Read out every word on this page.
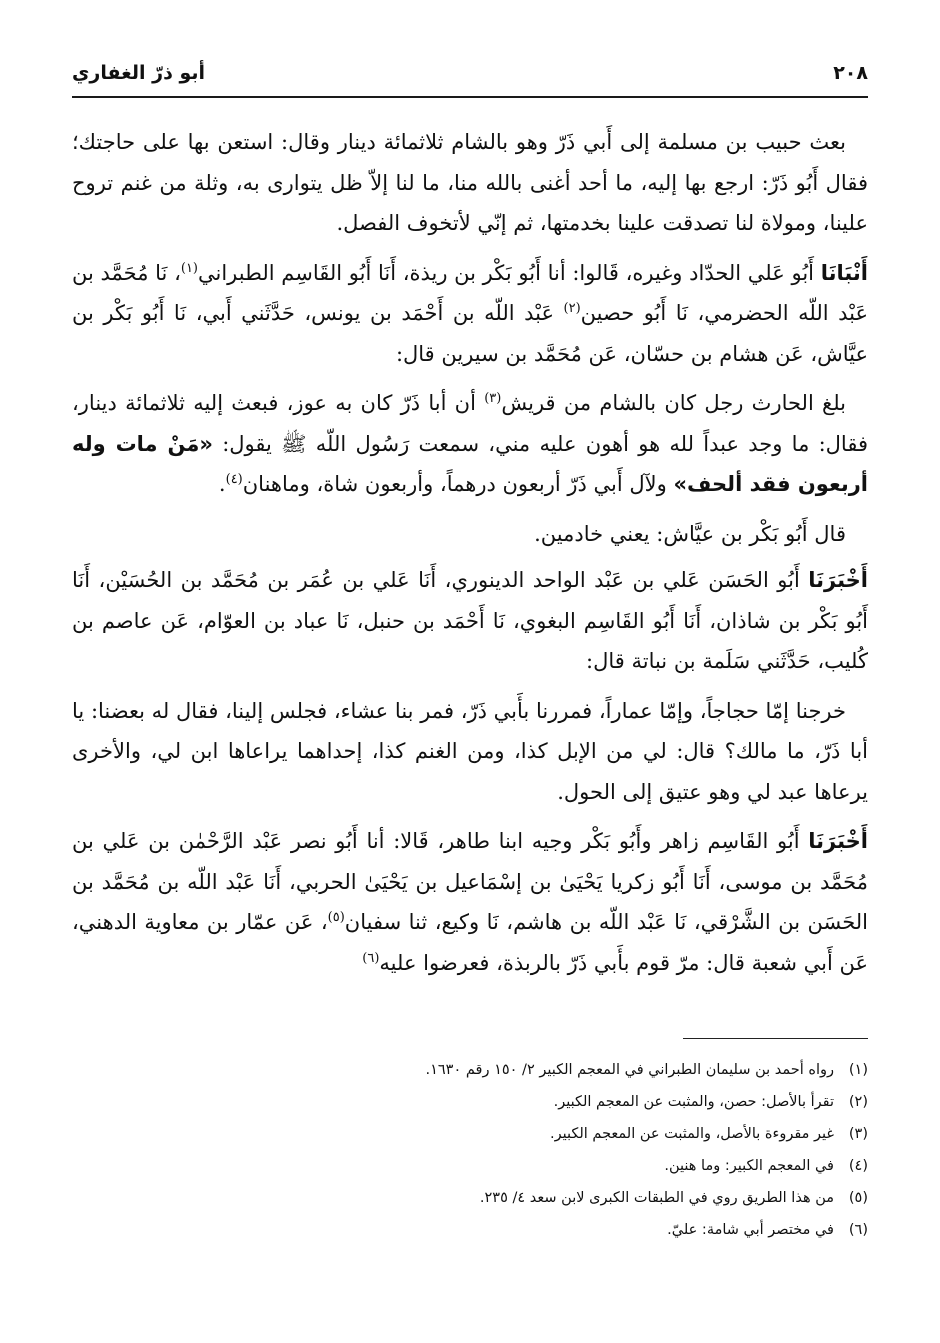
٢٠٨
أبو ذرّ الغفاري

بعث حبيب بن مسلمة إلى أَبي ذَرّ وهو بالشام ثلاثمائة دينار وقال: استعن بها على حاجتك؛ فقال أَبُو ذَرّ: ارجع بها إليه، ما أحد أغنى بالله منا، ما لنا إلاّ ظل يتوارى به، وثلة من غنم تروح علينا، ومولاة لنا تصدقت علينا بخدمتها، ثم إنّي لأتخوف الفصل.

أَنْبَانَا أَبُو عَلي الحدّاد وغيره، قَالوا: أنا أَبُو بَكْر بن ريذة، أَنَا أَبُو القَاسِم الطبراني$^{(١)}$، نَا مُحَمَّد بن عَبْد اللّه الحضرمي، نَا أَبُو حصين$^{(٢)}$ عَبْد اللّه بن أَحْمَد بن يونس، حَدَّثَني أَبي، نَا أَبُو بَكْر بن عيَّاش، عَن هشام بن حسّان، عَن مُحَمَّد بن سيرين قال:

بلغ الحارث رجل كان بالشام من قريش$^{(٣)}$ أن أبا ذَرّ كان به عوز، فبعث إليه ثلاثمائة دينار، فقال: ما وجد عبداً لله هو أهون عليه مني، سمعت رَسُول اللّه ﷺ يقول: «مَنْ مات وله أربعون فقد ألحف» ولآل أَبي ذَرّ أربعون درهماً، وأربعون شاة، وماهنان$^{(٤)}$.

قال أَبُو بَكْر بن عيَّاش: يعني خادمين.

أَخْبَرَنَا أَبُو الحَسَن عَلي بن عَبْد الواحد الدينوري، أَنَا عَلي بن عُمَر بن مُحَمَّد بن الحُسَيْن، أَنَا أَبُو بَكْر بن شاذان، أَنَا أَبُو القَاسِم البغوي، نَا أَحْمَد بن حنبل، نَا عباد بن العوّام، عَن عاصم بن كُليب، حَدَّثَني سَلَمة بن نباتة قال:

خرجنا إمّا حجاجاً، وإمّا عماراً، فمررنا بأَبي ذَرّ، فمر بنا عشاء، فجلس إلينا، فقال له بعضنا: يا أبا ذَرّ، ما مالك؟ قال: لي من الإبل كذا، ومن الغنم كذا، إحداهما يراعاها ابن لي، والأخرى يرعاها عبد لي وهو عتيق إلى الحول.

أَخْبَرَنَا أَبُو القَاسِم زاهر وأَبُو بَكْر وجيه ابنا طاهر، قَالا: أنا أَبُو نصر عَبْد الرَّحْمٰن بن عَلي بن مُحَمَّد بن موسى، أَنَا أَبُو زكريا يَحْيَىٰ بن إسْمَاعيل بن يَحْيَىٰ الحربي، أَنَا عَبْد اللّه بن مُحَمَّد بن الحَسَن بن الشَّرْقي، نَا عَبْد اللّه بن هاشم، نَا وكيع، ثنا سفيان$^{(٥)}$، عَن عمّار بن معاوية الدهني، عَن أَبي شعبة قال: مرّ قوم بأَبي ذَرّ بالربذة، فعرضوا عليه$^{(٦)}$

(١)رواه أحمد بن سليمان الطبراني في المعجم الكبير ٢/ ١٥٠ رقم ١٦٣٠.
(٢)تقرأ بالأصل: حصن، والمثبت عن المعجم الكبير.
(٣)غير مقروءة بالأصل، والمثبت عن المعجم الكبير.
(٤)في المعجم الكبير: وما هنين.
(٥)من هذا الطريق روي في الطبقات الكبرى لابن سعد ٤/ ٢٣٥.
(٦)في مختصر أبي شامة: عليّ.
